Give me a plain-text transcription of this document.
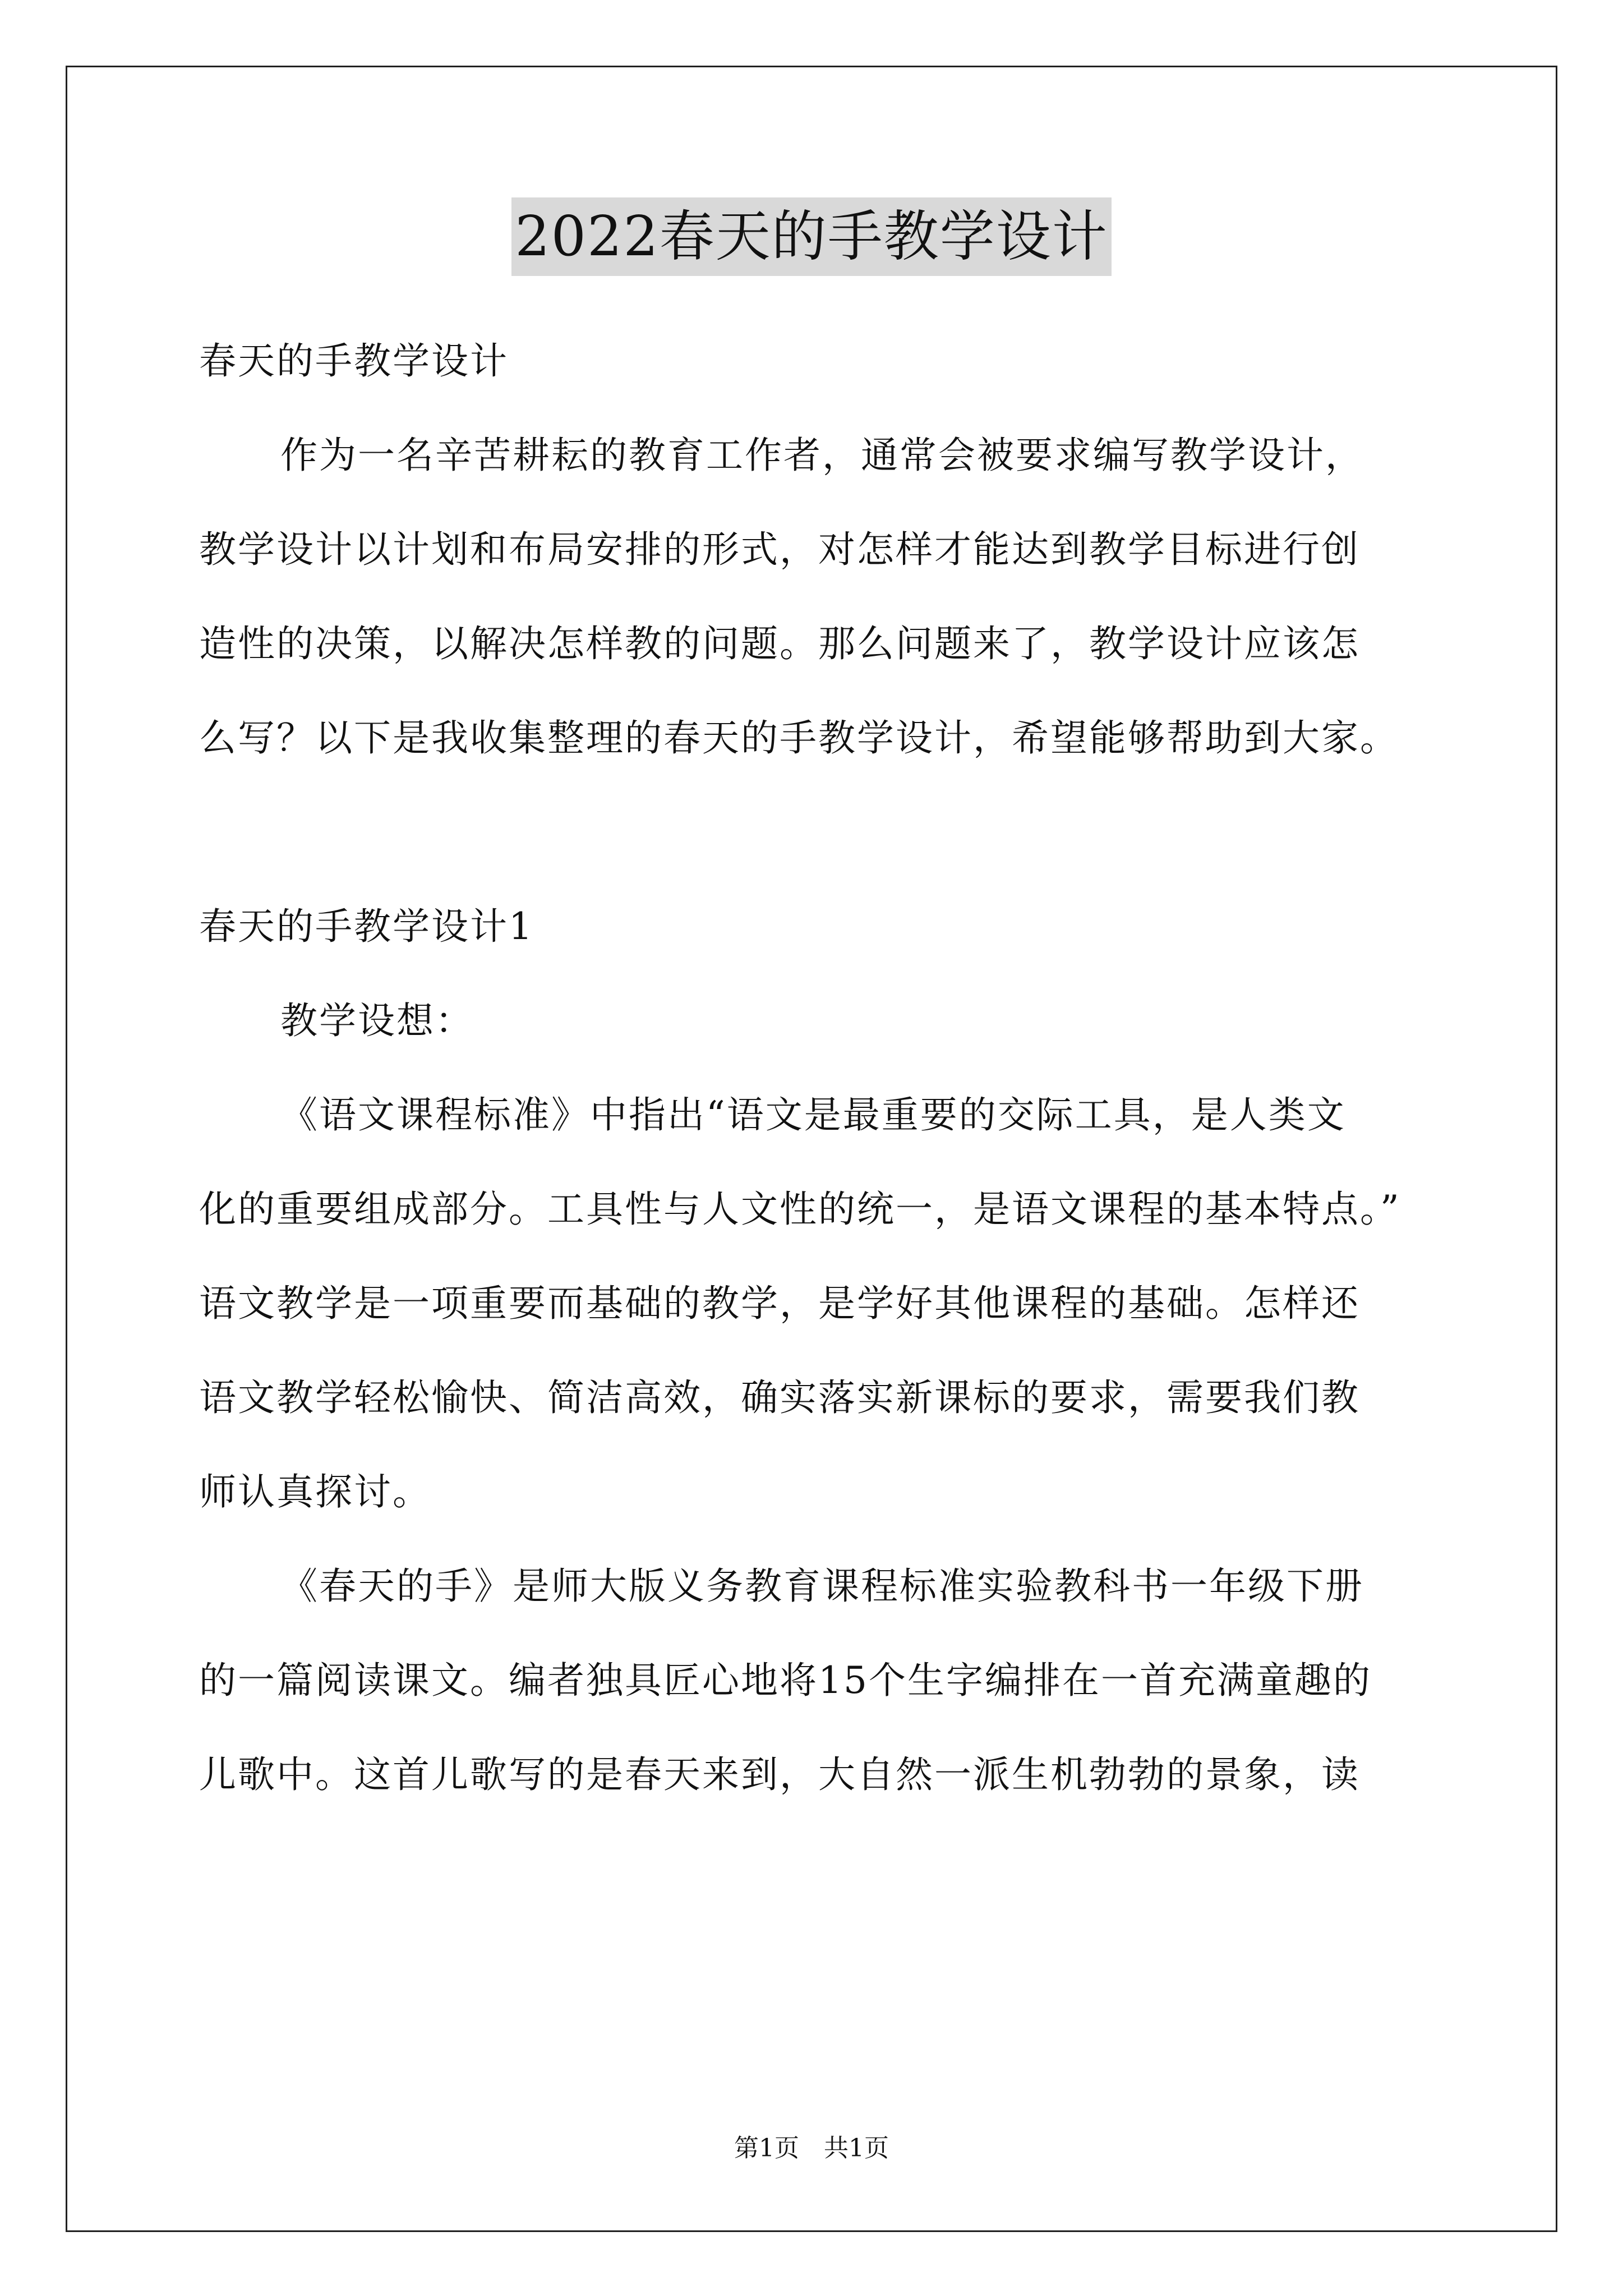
2022春天的手教学设计
春天的手教学设计
作为一名辛苦耕耘的教育工作者，通常会被要求编写教学设计，
教学设计以计划和布局安排的形式，对怎样才能达到教学目标进行创
造性的决策，以解决怎样教的问题。那么问题来了，教学设计应该怎
么写？以下是我收集整理的春天的手教学设计，希望能够帮助到大家。
春天的手教学设计1
教学设想：
《语文课程标准》中指出“语文是最重要的交际工具，是人类文
化的重要组成部分。工具性与人文性的统一，是语文课程的基本特点。”
语文教学是一项重要而基础的教学，是学好其他课程的基础。怎样还
语文教学轻松愉快、简洁高效，确实落实新课标的要求，需要我们教
师认真探讨。
《春天的手》是师大版义务教育课程标准实验教科书一年级下册
的一篇阅读课文。编者独具匠心地将15个生字编排在一首充满童趣的
儿歌中。这首儿歌写的是春天来到，大自然一派生机勃勃的景象，读
第1页　共1页
